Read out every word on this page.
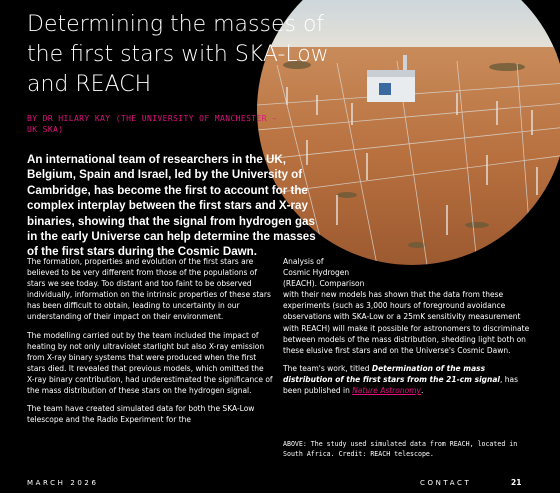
Determining the masses of the first stars with SKA-Low and REACH
BY DR HILARY KAY (THE UNIVERSITY OF MANCHESTER - UK SKA)
An international team of researchers in the UK, Belgium, Spain and Israel, led by the University of Cambridge, has become the first to account for the complex interplay between the first stars and X-ray binaries, showing that the signal from hydrogen gas in the early Universe can help determine the masses of the first stars during the Cosmic Dawn.

The formation, properties and evolution of the first stars are believed to be very different from those of the populations of stars we see today. Too distant and too faint to be observed individually, information on the intrinsic properties of these stars has been difficult to obtain, leading to uncertainty in our understanding of their impact on their environment.

The modelling carried out by the team included the impact of heating by not only ultraviolet starlight but also X-ray emission from X-ray binary systems that were produced when the first stars died. It revealed that previous models, which omitted the X-ray binary contribution, had underestimated the significance of the mass distribution of these stars on the hydrogen signal.

The team have created simulated data for both the SKA-Low telescope and the Radio Experiment for the

Analysis of
Cosmic Hydrogen
(REACH). Comparison

with their new models has shown that the data from these experiments (such as 3,000 hours of foreground avoidance observations with SKA-Low or a 25mK sensitivity measurement with REACH) will make it possible for astronomers to discriminate between models of the mass distribution, shedding light both on these elusive first stars and on the Universe's Cosmic Dawn.

The team's work, titled Determination of the mass distribution of the first stars from the 21-cm signal, has been published in Nature Astronomy.

ABOVE: The study used simulated data from REACH, located in South Africa. Credit: REACH telescope.
MARCH 2026	CONTACT	21
